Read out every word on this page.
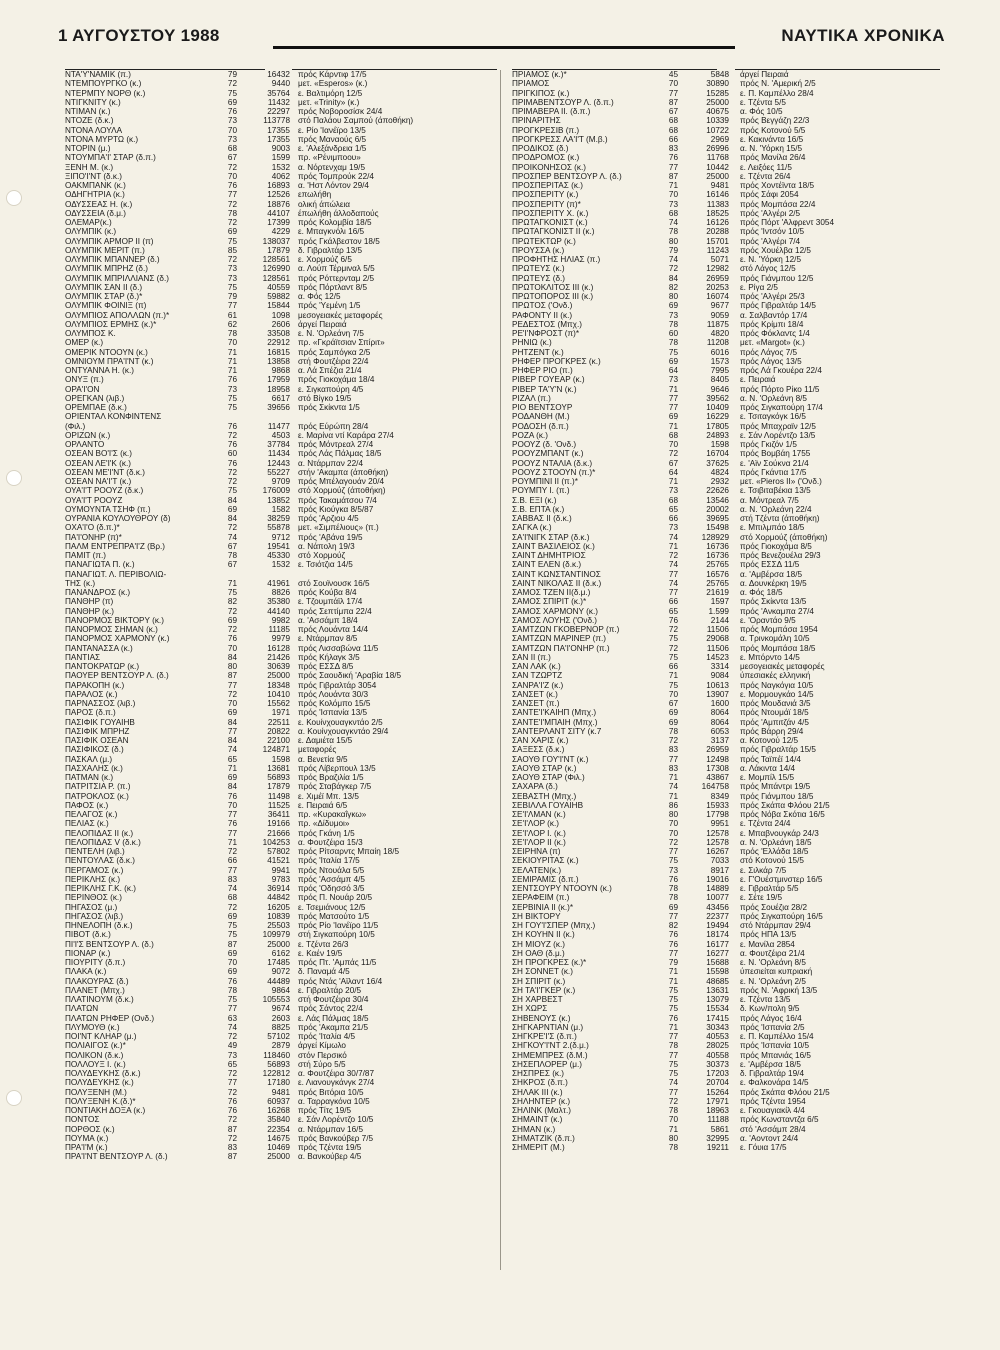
1 ΑΥΓΟΥΣΤΟΥ 1988	ΝΑΥΤΙΚΑ ΧΡΟΝΙΚΑ
ΝΤΑ'Υ'ΝΑΜΙΚ (π.)	79	16432 πρός Κάρντιφ 17/5
ΝΤΕΜΠΟΥΡΓΚΟ (κ.)	72	9440 μετ. «Esperos» (κ.)
ΝΤΕΡΜΠΥ ΝΟΡΘ (κ.)	75	35764 ε. Βαλτιμόρη 12/5
ΝΤΙΓΚΝΙΤΥ (κ.)	69	11432 μετ. «Trinity» (κ.)
ΝΤΙΜΑΝ (κ.)	76	22297 πρός Νοβοροσίσκ 24/4
ΝΤΟΖΕ (δ.κ.)	73	113778 στό Παλάου Σαμπού (άποθήκη)
ΝΤΟΝΑ ΛΟΥΛΑ	70	17355 ε. Ρίο 'Ιανέϊρο 13/5
ΝΤΟΝΑ ΜΥΡΤΩ (κ.)	73	17355 πρός Μαναούς 6/5
ΝΤΟΡΙΝ (μ.)	68	9003 ε. 'Αλεξάνδρεια 1/5
ΝΤΟΥΜΠΑ'Ι' ΣΤΑΡ (δ.π.)	67	1599 πρ. «Ρένιμποου»
ΞΕΝΗ Μ. (κ.)	72	1532 α. Νόρτενχαμ 19/5
ΞΙΠΟ'Ι'ΝΤ (δ.κ.)	70	4062 πρός Τομπρούκ 22/4
ΟΑΚΜΠΑΝΚ (κ.)	76	16893 α. 'Ηστ Λόντον 29/4
ΟΔΗΓΗΤΡΙΑ (κ.)	77	12526 επωλήθη
ΟΔΥΣΣΕΑΣ Η. (κ.)	72	18876 ολική άπώλεια
ΟΔΥΣΣΕΙΑ (δ.μ.)	78	44107 έπωλήθη άλλοδαπούς
ΟΛΕΜΑΡ(κ.)	72	17399 πρός Κολομβία 18/5
ΟΛΥΜΠΙΚ (κ.)	69	4229 ε. Μπαγκνόλι 16/5
ΟΛΥΜΠΙΚ ΑΡΜΟΡ ΙΙ (π)	75	138037 πρός Γκάλβεστον 18/5
ΟΛΥΜΠΙΚ ΜΕΡΙΤ (π.)	85	17879 δ. Γιβραλτάρ 13/5
ΟΛΥΜΠΙΚ ΜΠΑΝΝΕΡ (δ.)	72	128561 ε. Χορμούζ 6/5
ΟΛΥΜΠΙΚ ΜΠΡΗΖ (δ.)	73	126990 α. Λούπ Τέρμιναλ 5/5
ΟΛΥΜΠΙΚ ΜΠΡΙΛΛΙΑΝΣ (δ.)	73	128561 πρός Ρόττερνταμ 2/5
ΟΛΥΜΠΙΚ ΣΑΝ ΙΙ (δ.)	75	40559 πρός Πόρτλαντ 8/5
ΟΛΥΜΠΙΚ ΣΤΑΡ (δ.)*	79	59882 α. Φός 12/5
ΟΛΥΜΠΙΚ ΦΟΙΝΙΞ (π)	77	15844 πρός 'Υεμένη 1/5
ΟΛΥΜΠΙΟΣ ΑΠΟΛΛΩΝ (π.)*	61	1098 μεσογειακές μεταφορές
ΟΛΥΜΠΙΟΣ ΕΡΜΗΣ (κ.)*	62	2606 άργεί Πειραιά
ΟΛΥΜΠΟΣ Κ.	78	33508 ε. Ν. 'Ορλεάνη 7/5
ΟΜΕΡ (κ.)	70	22912 πρ. «Γκράϊτσιαν Σπίριτ»
ΟΜΕΡΙΚ ΝΤΟΟΥΝ (κ.)	71	16815 πρός Σαμπόγκα 2/5
ΟΜΝΙΟΥΜ ΠΡΑ'Ι'ΝΤ (κ.)	71	13858 στή Φουτζέιρα 22/4
ΟΝΤΥΑΝΝΑ Η. (κ.)	71	9868 α. Λά Σπέζια 21/4
ΟΝΥΞ (π.)	76	17959 πρός Γιοκοχάμα 18/4
ΟΡΑ'Ι'ΟΝ	73	18958 ε. Σιγκαπούρη 4/5
ΟΡΕΓΚΑΝ (λιβ.)	75	6617 στό Βίγκο 19/5
ΟΡΕΜΠΑΕ (δ.κ.)	75	39656 πρός Σκίκντα 1/5
ΟΡΙΕΝΤΑΛ ΚΟΝΦΙΝΤΕΝΣ
(Φιλ.)	76	11477 πρός Εύρώπη 28/4
ΟΡΙΖΩΝ (κ.)	72	4503 ε. Μαρίνα ντί Καράρα 27/4
ΟΡΛΑΝΤΟ	76	37784 πρός Μόντρεαλ 27/4
ΟΣΕΑΝ ΒΟ'Ι'Σ (κ.)	60	11434 πρός Λάς Πάλμας 18/5
ΟΣΕΑΝ ΛΕ'Ι'Κ (κ.)	76	12443 α. Ντάρμπαν 22/4
ΟΣΕΑΝ ΜΕ'Ι'ΝΤ (δ.κ.)	72	55227 στήν 'Ακαμπα (άποθήκη)
ΟΣΕΑΝ ΝΑ'Ι'Τ (κ.)	72	9709 πρός Μπέλαγουάν 20/4
ΟΥΑ'Ι'Τ ΡΟΟΥΖ (δ.κ.)	75	176009 στό Χορμούζ (άποθήκη)
ΟΥΑ'Ι'Τ ΡΟΟΥΖ	84	13852 πρός Τακαμάτσου 7/4
ΟΥΜΟΥΝΤΑ ΤΣΗΦ (π.)	69	1582 πρός Κιούγκα 8/5/87
ΟΥΡΑΝΙΑ ΚΟΥΛΟΥΘΡΟΥ (δ)	84	38259 πρός 'Αρζιου 4/5
ΟΧΑ'Ι'Ο (δ.π.)*	72	55878 μετ. «Σιμπέλιους» (π.)
ΠΑ'Ι'ΟΝΗΡ (π)*	74	9712 πρός 'Αβάνα 19/5
ΠΑΛΜ ΕΝΤΡΕΠΡΑ'Ι'Ζ (Βρ.)	67	19541 α. Νάπολη 19/3
ΠΑΜΙΤ (π.)	78	45330 στό Χορμούζ
ΠΑΝΑΓΙΩΤΑ Π. (κ.)	67	1532 ε. Τσιότζια 14/5
ΠΑΝΑΓΙΩΤ. Λ. ΠΕΡΙΒΟΛΙΩ-
ΤΗΣ (κ.)	71	41961 στό Σουϊνουσκ 16/5
ΠΑΝΑΝΔΡΟΣ (κ.)	75	8826 πρός Κούβα 8/4
ΠΑΝΘΗΡ (π)	82	35380 ε. Τζουμπάϊλ 17/4
ΠΑΝΘΗΡ (κ.)	72	44140 πρός Σεπτίμπα 22/4
ΠΑΝΟΡΜΟΣ ΒΙΚΤΟΡΥ (κ.)	69	9982 α. 'Ασσάμπ 18/4
ΠΑΝΟΡΜΟΣ ΣΗΜΑΝ (κ.)	72	11185 πρός Λουάντα 14/4
ΠΑΝΟΡΜΟΣ ΧΑΡΜΟΝΥ (κ.)	76	9979 ε. Ντάρμπαν 8/5
ΠΑΝΤΑΝΑΣΣΑ (κ.)	70	16128 πρός Λισσαβώνα 11/5
ΠΑΝΤΙΑΣ	84	21426 πρός Κήλαγκ 3/5
ΠΑΝΤΟΚΡΑΤΩΡ (κ.)	80	30639 πρός ΕΣΣΔ 8/5
ΠΑΟΥΕΡ ΒΕΝΤΣΟΥΡ Λ. (δ.)	87	25000 πρός Σαουδική 'Αραβία 18/5
ΠΑΡΑΚΟΠΗ (κ.)	77	18348 πρός Γιβραλτάρ 3054
ΠΑΡΑΛΟΣ (κ.)	72	10410 πρός Λουάντα 30/3
ΠΑΡΝΑΣΣΟΣ (λιβ.)	70	15562 πρός Κολόμπο 15/5
ΠΑΡΟΣ (δ.π.)	69	1971 πρός 'Ισπανία 13/5
ΠΑΣΙΦΙΚ ΓΟΥΑΙΗΒ	84	22511 ε. Κουίνχουαγκντάο 2/5
ΠΑΣΙΦΙΚ ΜΠΡΗΖ	77	20822 α. Κουίνχουαγκντάο 29/4
ΠΑΣΙΦΙΚ ΟΣΕΑΝ	84	22100 ε. Δαμιέτα 15/5
ΠΑΣΙΦΙΚΟΣ (δ.)	74	124871 μεταφορές
ΠΑΣΚΑΛ (μ.)	65	1598 α. Βενετία 9/5
ΠΑΣΧΑΛΗΣ (κ.)	71	13681 πρός Λίβερπουλ 13/5
ΠΑΤΜΑΝ (κ.)	69	56893 πρός Βραζιλία 1/5
ΠΑΤΡΙΤΣΙΑ Ρ. (π.)	84	17879 πρός Σταβάγκερ 7/5
ΠΑΤΡΟΚΛΟΣ (κ.)	76	11498 ε. Χιμέϊ Μπ. 13/5
ΠΑΦΟΣ (κ.)	70	11525 ε. Πειραιά 6/5
ΠΕΛΑΓΟΣ (κ.)	77	36411 πρ. «Κυρακαΐγκω»
ΠΕΛΙΑΣ (κ.)	76	19166 πρ. «Δίδυμοι»
ΠΕΛΟΠΙΔΑΣ ΙΙ (κ.)	77	21666 πρός Γκάνη 1/5
ΠΕΛΟΠΙΔΑΣ V (δ.κ.)	71	104253 α. Φουτζέιρα 15/3
ΠΕΝΤΕΛΗ (λιβ.)	72	57802 πρός Ρίτσαρντς Μπαίη 18/5
ΠΕΝΤΟΥΛΑΣ (δ.κ.)	66	41521 πρός 'Ιταλία 17/5
ΠΕΡΓΑΜΟΣ (κ.)	77	9941 πρός Ντουάλα 5/5
ΠΕΡΙΚΛΗΣ (κ.)	83	9783 πρός 'Ασσάμπ 4/5
ΠΕΡΙΚΛΗΣ Γ.Κ. (κ.)	74	36914 πρός 'Οδησσό 3/5
ΠΕΡΙΝΘΟΣ (κ.)	68	44842 πρός Π. Νουάρ 20/5
ΠΗΓΑΣΟΣ (μ.)	72	16205 ε. Τσεμιάνους 12/5
ΠΗΓΑΣΟΣ (λιβ.)	69	10839 πρός Ματσούτο 1/5
ΠΗΝΕΛΟΠΗ (δ.κ.)	75	25503 πρός Ρίο 'Ιανέϊρο 11/5
ΠΙΒΟΤ (δ.κ.)	75	109979 στή Σιγκαπούρη 10/5
ΠΙ'Ι'Σ ΒΕΝΤΣΟΥΡ Λ. (δ.)	87	25000 ε. Τζέντα 26/3
ΠΙΟΝΑΡ (κ.)	69	6162 ε. Καέν 19/5
ΠΙΟΥΡΙΤΥ (δ.π.)	70	17485 πρός Πτ. 'Αμπάς 11/5
ΠΛΑΚΑ (κ.)	69	9072 δ. Παναμά 4/5
ΠΛΑΚΟΥΡΑΣ (δ.)	76	44489 πρός Ντάς 'Αϊλαντ 16/4
ΠΛΑΝΕΤ (Μπχ.)	78	9864 ε. Γιβραλτάρ 20/5
ΠΛΑΤΙΝΟΥΜ (δ.κ.)	75	105553 στή Φουτζέιρα 30/4
ΠΛΑΤΩΝ	77	9674 πρός Σάντος 22/4
ΠΛΑΤΩΝ ΡΗΦΕΡ (Ονδ.)	63	2603 ε. Λάς Πάλμας 18/5
ΠΛΥΜΟΥΘ (κ.)	74	8825 πρός 'Ακαμπα 21/5
ΠΟΙ'ΝΤ ΚΛΗΑΡ (μ.)	72	57102 πρός 'Ιταλία 4/5
ΠΟΛΙΑΙΓΟΣ (κ.)*	49	2879 άργεί Κίμωλο
ΠΟΛΙΚΟΝ (δ.κ.)	73	118460 στόν Περσικό
ΠΟΛΛΟΥΞ Ι. (κ.)	65	56893 στή Σύρο 5/5
ΠΟΛΥΔΕΥΚΗΣ (δ.κ.)	72	122812 α. Φουτζέιρα 30/7/87
ΠΟΛΥΔΕΥΚΗΣ (κ.)	77	17180 ε. Λιανουγκάνγκ 27/4
ΠΟΛΥΞΕΝΗ (Μ.)	72	9481 πρός Βιτόρια 10/5
ΠΟΛΥΞΕΝΗ Κ.(δ.)*	76	60937 α. Ταρραγκόνα 10/5
ΠΟΝΤΙΑΚΗ ΔΟΞΑ (κ.)	76	16268 πρός Τίτς 19/5
ΠΟΝΤΟΣ	72	35840 ε. Σάν Λορέντζο 10/5
ΠΟΡΘΟΣ (κ.)	87	22354 α. Ντάρμπαν 16/5
ΠΟΥΜΑ (κ.)	72	14675 πρός Βανκούβερ 7/5
ΠΡΑ'Ι'Μ (κ.)	83	10469 πρός Τζέντα 19/5
ΠΡΑ'Ι'ΝΤ ΒΕΝΤΣΟΥΡ Λ. (δ.)	87	25000 α. Βανκούβερ 4/5
ΠΡΙΑΜΟΣ (κ.)*	45	5848 άργεί Πειραιά
ΠΡΙΑΜΟΣ	70	30890 πρός Ν. 'Αμερική 2/5
ΠΡΙΓΚΙΠΟΣ (κ.)	77	15285 ε. Π. Καμπέλλο 28/4
ΠΡΙΜΑΒΕΝΤΣΟΥΡ Λ. (δ.π.)	87	25000 ε. Τζέντα 5/5
ΠΡΙΜΑΒΕΡΑ ΙΙ. (δ.π.)	67	40675 α. Φός 10/5
ΠΡΙΝΑΡΙΤΗΣ	68	10339 πρός Βεγγάζη 22/3
ΠΡΟΓΚΡΕΣΙΒ (π.)	68	10722 πρός Κοτονού 5/5
ΠΡΟΓΚΡΕΣΣ ΛΑ'Ι'Τ (Μ.β.)	66	2969 ε. Κακινάντα 16/5
ΠΡΟΔΙΚΟΣ (δ.)	83	26996 α. Ν. 'Υόρκη 15/5
ΠΡΟΔΡΟΜΟΣ (κ.)	76	11768 πρός Μανίλα 26/4
ΠΡΟΙΚΟΝΗΣΟΣ (κ.)	77	10442 ε. Λειξόες 11/5
ΠΡΟΣΠΕΡ ΒΕΝΤΣΟΥΡ Λ. (δ.)	87	25000 ε. Τζέντα 26/4
ΠΡΟΣΠΕΡΙΤΑΣ (κ.)	71	9481 πρός Χοντέϊντα 18/5
ΠΡΟΣΠΕΡΙΤΥ (κ.)	70	16146 πρός Σάφι 2054
ΠΡΟΣΠΕΡΙΤΥ (π)*	73	11383 πρός Μομπάσα 22/4
ΠΡΟΣΠΕΡΙΤΥ Χ. (κ.)	68	18525 πρός 'Αλγέρι 2/5
ΠΡΩΤΑΓΚΟΝΙΣΤ (κ.)	74	16126 πρός Πόρτ 'Αλφρεντ 3054
ΠΡΩΤΑΓΚΟΝΙΣΤ ΙΙ (κ.)	78	20288 πρός 'Ιντσόν 10/5
ΠΡΩΤΕΚΤΩΡ (κ.)	80	15701 πρός 'Αλγέρι 7/4
ΠΡΟΥΣΣΑ (κ.)	79	11243 πρός Χουέλβα 12/5
ΠΡΟΦΗΤΗΣ ΗΛΙΑΣ (π.)	74	5071 ε. Ν. 'Υόρκη 12/5
ΠΡΩΤΕΥΣ (κ.)	72	12982 στό Λάγος 12/5
ΠΡΩΤΕΥΣ (δ.)	84	26959 πρός Γιάνμπου 12/5
ΠΡΩΤΟΚΛΙΤΟΣ ΙΙΙ (κ.)	82	20253 ε. Ρίγα 2/5
ΠΡΩΤΟΠΟΡΟΣ ΙΙΙ (κ.)	80	16074 πρός 'Αλγέρι 25/3
ΠΡΩΤΟΣ ('Ονδ.)	69	9677 πρός Γιβραλτάρ 14/5
ΡΑΦΟΝΤΥ ΙΙ (κ.)	73	9059 α. Σαλβαντόρ 17/4
ΡΕΔΕΣΤΟΣ (Μπχ.)	78	11875 πρός Κρίμπι 18/4
ΡΕ'Ι'ΝΦΡΟΣΤ (π)*	60	4820 πρός Φόκλαντς 1/4
ΡΗΝΙΩ (κ.)	78	11208 μετ. «Margot» (κ.)
ΡΗΤΖΕΝΤ (κ.)	75	6016 πρός Λάγος 7/5
ΡΗΦΕΡ ΠΡΟΓΚΡΕΣ (κ.)	69	1573 πρός Λάγος 13/5
ΡΗΦΕΡ ΡΙΟ (π.)	64	7995 πρός Λά Γκουέρα 22/4
ΡΙΒΕΡ ΓΟΥΕΑΡ (κ.)	73	8405 ε. Πειραιά
ΡΙΒΕΡ ΤΑ'Υ'Ν (κ.)	71	9646 πρός Πόρτο Ρίκο 11/5
ΡΙΖΑΛ (π.)	77	39562 α. Ν. 'Ορλεάνη 8/5
ΡΙΟ ΒΕΝΤΣΟΥΡ	77	10409 πρός Σιγκαπούρη 17/4
ΡΟΔΑΝΘΗ (Μ.)	69	16229 ε. Τσιταγκόγκ 16/5
ΡΟΔΟΣΗ (δ.π.)	71	17805 πρός Μπαχραϊν 12/5
ΡΟΖΑ (κ.)	68	24893 ε. Σάν Λορέντζο 13/5
ΡΟΟΥΖ (δ. 'Ονδ.)	70	1598 πρός Γκιζόν 1/5
ΡΟΟΥΖΜΠΑΝΤ (κ.)	72	16704 πρός Βομβάη 1755
ΡΟΟΥΖ ΝΤΑΛΙΑ (δ.κ.)	67	37625 ε. 'Αϊν Σούκνα 21/4
ΡΟΟΥΖ ΣΤΟΟΥΝ (π.)*	64	4824 πρός Γκάντια 17/5
ΡΟΥΜΠΙΝΙ ΙΙ (π.)*	71	2932 μετ. «Pieros ΙΙ» ('Ονδ.)
ΡΟΥΜΠΥ Ι. (π.)	73	22626 ε. Τσιβιταβέκια 13/5
Σ.Β. ΕΞΙ (κ.)	68	13546 α. Μόντρεαλ 7/5
Σ.Β. ΕΠΤΑ (κ.)	65	20002 α. Ν. 'Ορλεάνη 22/4
ΣΑΒΒΑΣ ΙΙ (δ.κ.)	66	39695 στή Τζέντα (άποθήκη)
ΣΑΓΚΑ (κ.)	73	15498 ε. Μπιλμπάο 18/5
ΣΑ'Ι'ΝΙΓΚ ΣΤΑΡ (δ.κ.)	74	128929 στό Χορμούζ (άποθήκη)
ΣΑΙΝΤ ΒΑΣΙΛΕΙΟΣ (κ.)	71	16736 πρός Γιοκοχάμα 8/5
ΣΑΙΝΤ ΔΗΜΗΤΡΙΟΣ	72	16736 πρός Βενεζουέλα 29/3
ΣΑΙΝΤ ΕΛΕΝ (δ.κ.)	74	25765 πρός ΕΣΣΔ 11/5
ΣΑΙΝΤ ΚΩΝΣΤΑΝΤΙΝΟΣ	77	16576 α. 'Αμβέρσα 18/5
ΣΑΙΝΤ ΝΙΚΟΛΑΣ ΙΙ (δ.κ.)	74	25765 α. Δουνκέρκη 19/5
ΣΑΜΟΣ ΤΖΕΝ ΙΙ(δ.μ.)	77	21619 α. Φός 18/5
ΣΑΜΟΣ ΣΠΙΡΙΤ (κ.)*	66	1597 πρός Σκίκντα 13/5
ΣΑΜΟΣ ΧΑΡΜΟΝΥ (κ.)	65	1.599 πρός 'Ανκαμπα 27/4
ΣΑΜΟΣ ΛΟΥΗΣ ('Ονδ.)	76	2144 ε. 'Οραντάο 9/5
ΣΑΜΤΖΩΝ ΓΚΟΒΕΡΝΟΡ (π.)	72	11506 πρός Μομπάσα 1954
ΣΑΜΤΖΩΝ ΜΑΡΙΝΕΡ (π.)	75	29068 α. Τρινκομάλη 10/5
ΣΑΜΤΖΩΝ ΠΑ'Ι'ΟΝΗΡ (π.)	72	11506 πρός Μομπάσα 18/5
ΣΑΝ ΙΙ (π.)	75	14523 ε. Μπόρντο 14/5
ΣΑΝ ΛΑΚ (κ.)	66	3314 μεσογειακές μεταφορές
ΣΑΝ ΤΖΩΡΤΖ	71	9084 ύπεσιακές ελληνική
ΣΑΝΡΑ'Ι'Ζ (κ.)	75	10613 πρός Ναγκόγια 10/5
ΣΑΝΣΕΤ (κ.)	70	13907 ε. Μορμουγκάο 14/5
ΣΑΝΣΕΤ (π.)	67	1600 πρός Μουδανιά 3/5
ΣΑΝΤΕ'Ι'ΚΑΙΗΠ (Μπχ.)	69	8064 πρός Ντουμάϊ 18/5
ΣΑΝΤΕ'Ι'ΜΠΑΙΗ (Μπχ.)	69	8064 πρός 'Αμπιτζάν 4/5
ΣΑΝΤΕΡΛΑΝΤ ΣΙΤΥ (κ.7	78	6053 πρός Βάρρη 29/4
ΣΑΝ ΧΑΡΙΣ (κ.)	72	3137 α. Κοτονού 12/5
ΣΑΞΕΣΣ (δ.κ.)	83	26959 πρός Γιβραλτάρ 15/5
ΣΑΟΥΘ ΓΟΥ'Ι'ΝΤ (κ.)	77	12498 πρός Ταϊπέϊ 14/4
ΣΑΟΥΘ ΣΤΑΡ (κ.)	83	17308 α. Λάκιντα 14/4
ΣΑΟΥΘ ΣΤΑΡ (Φιλ.)	71	43867 ε. Μομπίλ 15/5
ΣΑΧΑΡΑ (δ.)	74	164758 πρός Μπάντρι 19/5
ΣΕΒΑΣΤΗ (Μπχ.)	71	8349 πρός Γιάνμπου 18/5
ΣΕΒΙΛΛΑ ΓΟΥΑΙΗΒ	86	15933 πρός Σκάπα Φλόου 21/5
ΣΕ'Ι'ΛΜΑΝ (κ.)	80	17798 πρός Νόβα Σκότια 16/5
ΣΕ'Ι'ΛΟΡ (κ.)	70	9951 ε. Τζέντα 24/4
ΣΕ'Ι'ΛΟΡ Ι. (κ.)	70	12578 ε. Μπαβνουγκάρ 24/3
ΣΕ'Ι'ΛΟΡ ΙΙ (κ.)	72	12578 α. Ν. 'Ορλεάνη 18/5
ΣΕΙΡΗΝΑ (π)	77	16267 πρός 'Ελλάδα 18/5
ΣΕΚΙΟΥΡΙΤΑΣ (κ.)	75	7033 στό Κοτονού 15/5
ΣΕΛΑΤΕΝ(κ.)	73	8917 ε. Σιλκάρ 7/5
ΣΕΜΙΡΑΜΙΣ (δ.π.)	76	19016 ε. Γ'Ουέστμινστερ 16/5
ΣΕΝΤΣΟΥΡΥ ΝΤΟΟΥΝ (κ.)	78	14889 ε. Γιβραλτάρ 5/5
ΣΕΡΑΦΕΙΜ (π.)	78	10077 ε. Σέτε 19/5
ΣΕΡΒΙΝΙΑ ΙΙ (κ.)*	69	43456 πρός Σουέζια 28/2
ΣΗ ΒΙΚΤΟΡΥ	77	22377 πρός Σιγκαπούρη 16/5
ΣΗ ΓΟΥ'Ι'ΣΠΕΡ (Μπχ.)	82	19494 στό Ντάρμπαν 29/4
ΣΗ ΚΟΥΗΝ ΙΙ (κ.)	76	18174 πρός ΗΠΑ 13/5
ΣΗ ΜΙΟΥΖ (κ.)	76	16177 ε. Μανίλα 2854
ΣΗ ΟΑΘ (δ.μ.)	77	16277 α. Φουτζέιρα 21/4
ΣΗ ΠΡΟΓΚΡΕΣ (κ.)*	79	15688 ε. Ν. 'Ορλεάνη 8/5
ΣΗ ΣΟΝΝΕΤ (κ.)	71	15598 ύπεσιείται κυπριακή
ΣΗ ΣΠΙΡΙΤ (κ.)	71	48685 ε. Ν. 'Ορλεάνη 2/5
ΣΗ ΤΑ'Ι'ΓΚΕΡ (κ.)	75	13631 πρός Ν. 'Αφρική 13/5
ΣΗ ΧΑΡΒΕΣΤ	75	13079 ε. Τζέντα 13/5
ΣΗ ΧΩΡΣ	75	15534 δ. Κων/πολη 9/5
ΣΗΒΕΝΟΥΣ (κ.)	76	17415 πρός Λάγος 16/4
ΣΗΓΚΑΡΝΤΙΑΝ (μ.)	71	30343 πρός 'Ισπανία 2/5
ΣΗΓΚΡΕ'Ι'Σ (δ.π.)	77	40553 ε. Π. Καμπέλλο 15/4
ΣΗΓΚΟΥ'Ι'ΝΤ 2.(δ.μ.)	78	28025 πρός 'Ισπανία 10/5
ΣΗΜΕΜΠΡΕΣ (δ.Μ.)	77	40558 πρός Μπανιάς 16/5
ΣΗΣΕΠΛΟΡΕΡ (μ.)	75	30373 ε. 'Αμβέρσα 18/5
ΣΗΣΠΡΕΣ (κ.)	75	17203 δ. Γιβραλτάρ 19/4
ΣΗΚΡΟΣ (δ.π.)	74	20704 ε. Φαλκονάρα 14/5
ΣΗΛΑΚ ΙΙΙ (κ.)	77	15264 πρός Σκάπα Φλόου 21/5
ΣΗΛΗΝΤΕΡ (κ.)	72	17971 πρός Τζέντα 1954
ΣΗΛΙΝΚ (Μαλτ.)	78	18963 ε. Γκουαγιακίλ 4/4
ΣΗΜΑΙΝΤ (κ.)	70	11188 πρός Κωνσταντζα 6/5
ΣΗΜΑΝ (κ.)	71	5861 στό 'Ασσάμπ 28/4
ΣΗΜΑΤΖΙΚ (δ.π.)	80	32995 α. 'Αοντοντ 24/4
ΣΗΜΕΡΙΤ (Μ.)	78	19211 ε. Γόυια 17/5
